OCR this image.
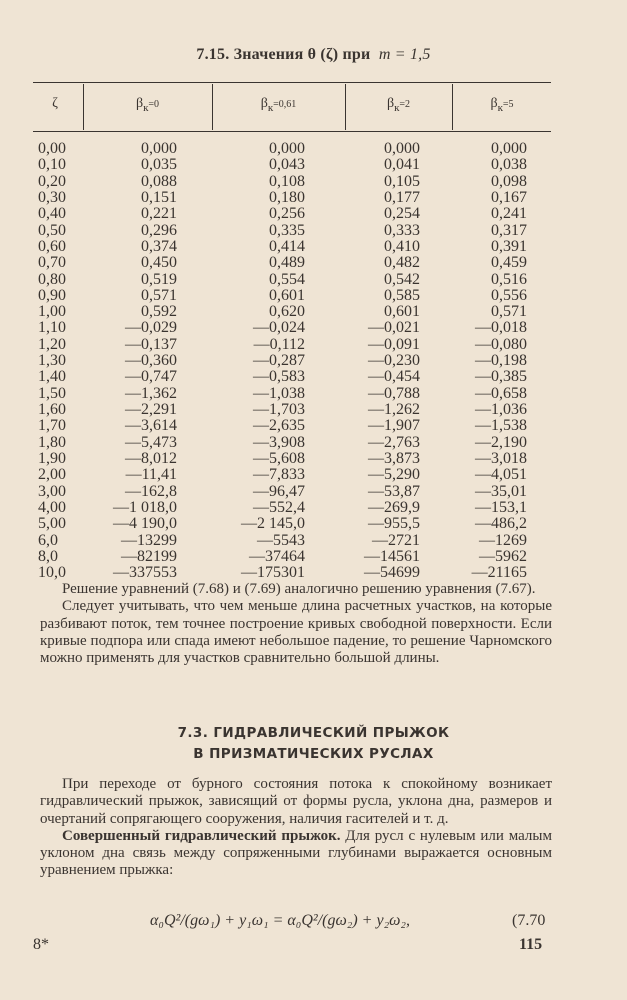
7.15. Значения θ (ζ) при m = 1,5
ζ	$\beta_к=0$	$\beta_к=0,61$	$\beta_к=2$	$\beta_к=5$
0,00	0,000	0,000	0,000	0,000
0,10	0,035	0,043	0,041	0,038
0,20	0,088	0,108	0,105	0,098
0,30	0,151	0,180	0,177	0,167
0,40	0,221	0,256	0,254	0,241
0,50	0,296	0,335	0,333	0,317
0,60	0,374	0,414	0,410	0,391
0,70	0,450	0,489	0,482	0,459
0,80	0,519	0,554	0,542	0,516
0,90	0,571	0,601	0,585	0,556
1,00	0,592	0,620	0,601	0,571
1,10	—0,029	—0,024	—0,021	—0,018
1,20	—0,137	—0,112	—0,091	—0,080
1,30	—0,360	—0,287	—0,230	—0,198
1,40	—0,747	—0,583	—0,454	—0,385
1,50	—1,362	—1,038	—0,788	—0,658
1,60	—2,291	—1,703	—1,262	—1,036
1,70	—3,614	—2,635	—1,907	—1,538
1,80	—5,473	—3,908	—2,763	—2,190
1,90	—8,012	—5,608	—3,873	—3,018
2,00	—11,41	—7,833	—5,290	—4,051
3,00	—162,8	—96,47	—53,87	—35,01
4,00	—1 018,0	—552,4	—269,9	—153,1
5,00	—4 190,0	—2 145,0	—955,5	—486,2
6,0	—13299	—5543	—2721	—1269
8,0	—82199	—37464	—14561	—5962
10,0	—337553	—175301	—54699	—21165

Решение уравнений (7.68) и (7.69) аналогично решению уравнения (7.67).

Следует учитывать, что чем меньше длина расчетных участков, на которые разбивают поток, тем точнее построение кривых свободной поверхности. Если кривые подпора или спада имеют небольшое падение, то решение Чарномского можно применять для участков сравнительно большой длины.

7.3. ГИДРАВЛИЧЕСКИЙ ПРЫЖОК
В ПРИЗМАТИЧЕСКИХ РУСЛАХ

При переходе от бурного состояния потока к спокойному возникает гидравлический прыжок, зависящий от формы русла, уклона дна, размеров и очертаний сопрягающего сооружения, наличия гасителей и т. д.

Совершенный гидравлический прыжок. Для русл с нулевым или малым уклоном дна связь между сопряженными глубинами выражается основным уравнением прыжка:

α₀Q²/(gω₁) + y₁ω₁ = α₀Q²/(gω₂) + y₂ω₂,	(7.70
8*	115
